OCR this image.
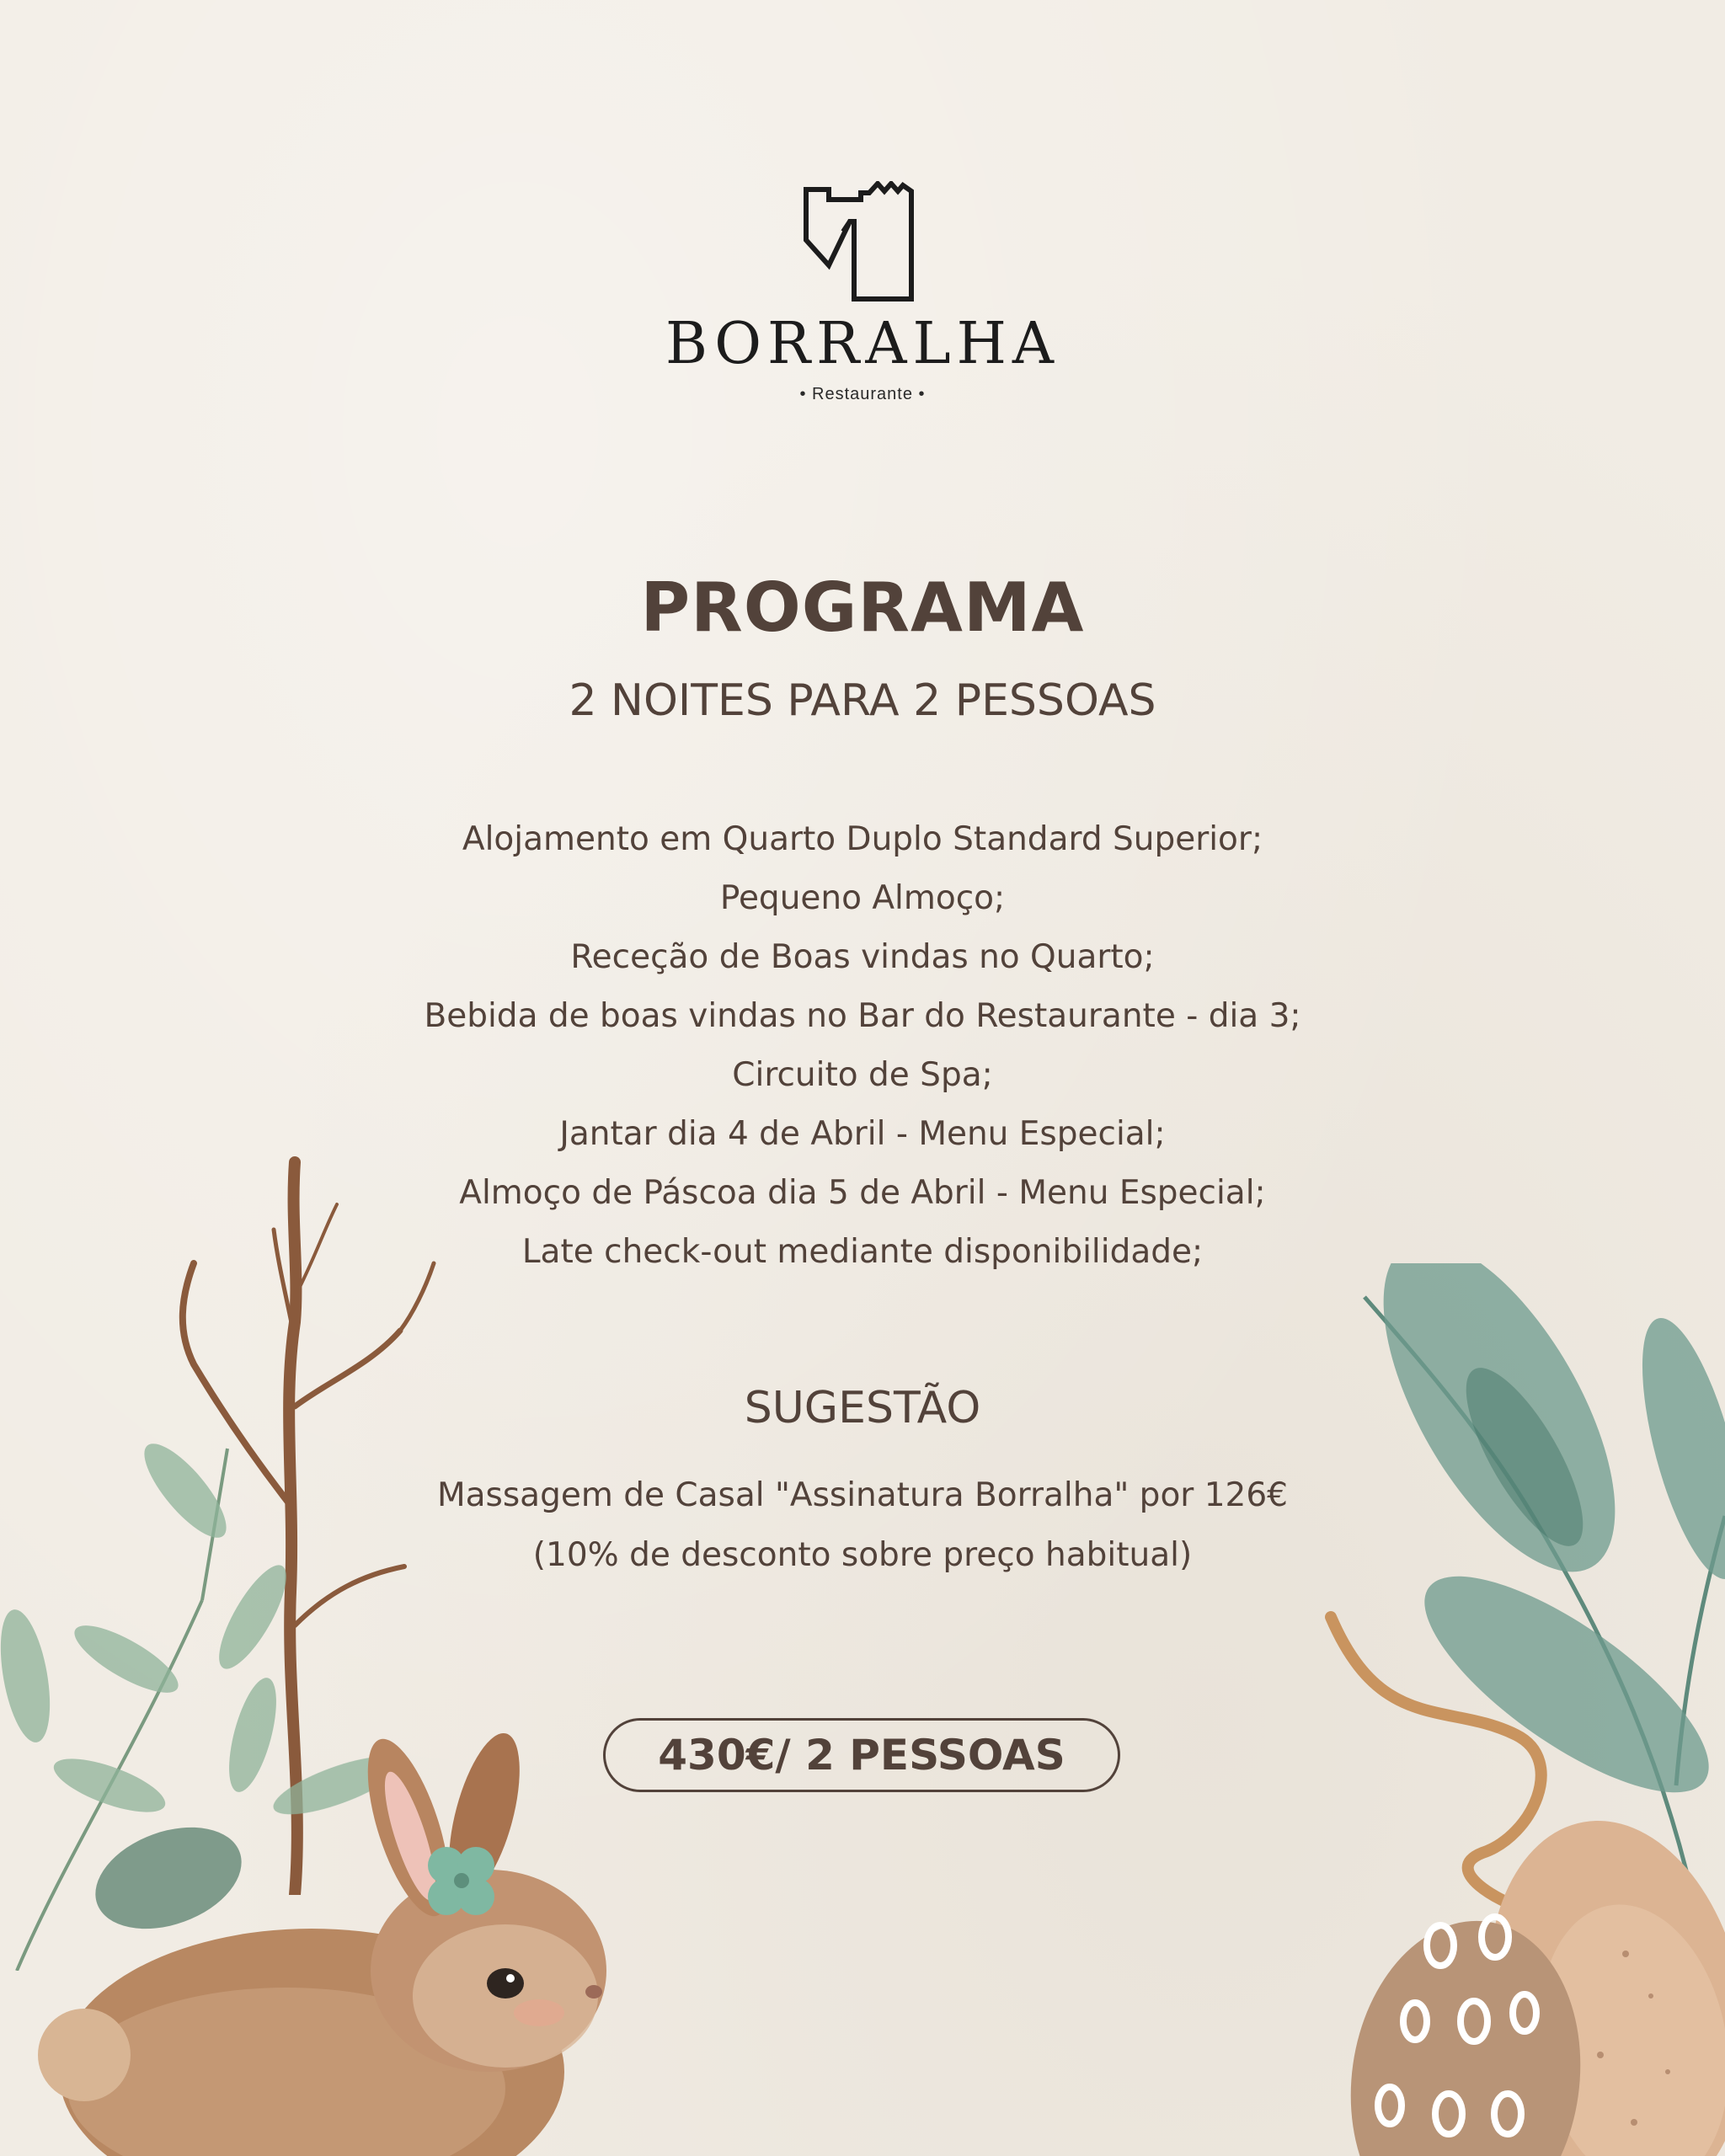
BORRALHA
• Restaurante •
PROGRAMA
2 NOITES PARA 2 PESSOAS
Alojamento em Quarto Duplo Standard Superior;
Pequeno Almoço;
Receção de Boas vindas no Quarto;
Bebida de boas vindas no Bar do Restaurante - dia 3;
Circuito de Spa;
Jantar dia 4 de Abril - Menu Especial;
Almoço de Páscoa dia 5 de Abril - Menu Especial;
Late check-out mediante disponibilidade;
SUGESTÃO
Massagem de Casal "Assinatura Borralha" por 126€
(10% de desconto sobre preço habitual)
430€/ 2 PESSOAS
